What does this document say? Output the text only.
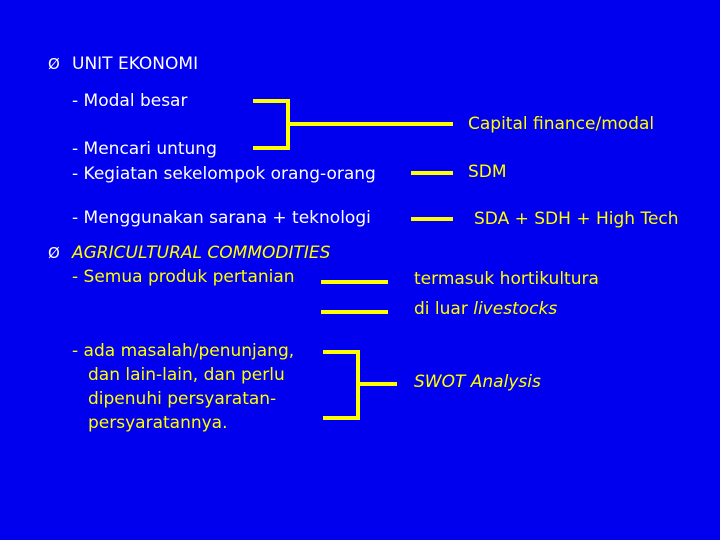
Ø UNIT EKONOMI
- Modal besar
- Mencari untung
- Kegiatan sekelompok orang-orang
- Menggunakan sarana + teknologi
Capital finance/modal
SDM
SDA + SDH + High Tech
Ø AGRICULTURAL COMMODITIES
- Semua produk pertanian	termasuk hortikultura
di luar livestocks
- ada masalah/penunjang,
dan lain-lain, dan perlu
dipenuhi persyaratan-
persyaratannya.
SWOT Analysis
